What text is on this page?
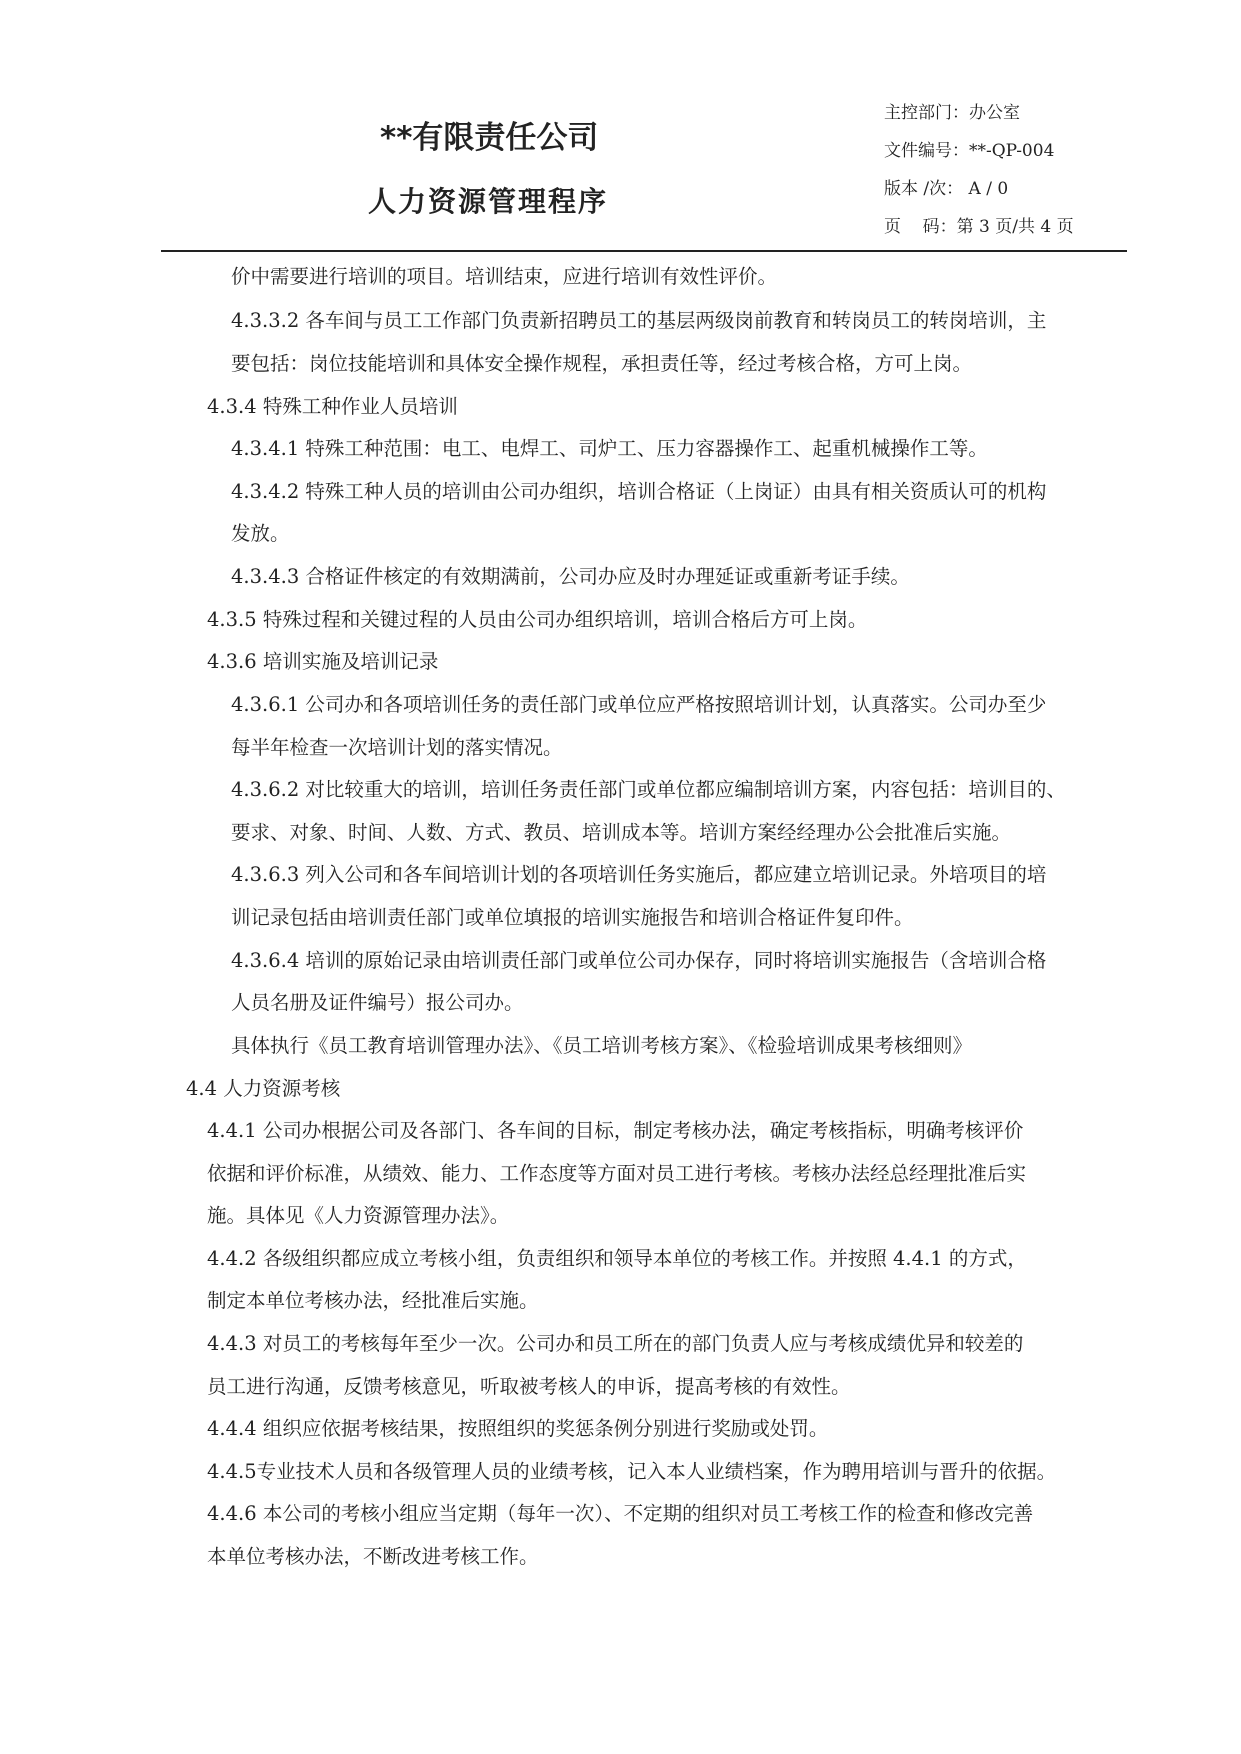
**有限责任公司
人力资源管理程序
主控部门：办公室
文件编号：**-QP-004
版本 /次： A / 0
页    码：第 3 页/共 4 页
价中需要进行培训的项目。培训结束，应进行培训有效性评价。
4.3.3.2 各车间与员工工作部门负责新招聘员工的基层两级岗前教育和转岗员工的转岗培训，主
要包括：岗位技能培训和具体安全操作规程，承担责任等，经过考核合格，方可上岗。
4.3.4 特殊工种作业人员培训
4.3.4.1 特殊工种范围：电工、电焊工、司炉工、压力容器操作工、起重机械操作工等。
4.3.4.2 特殊工种人员的培训由公司办组织，培训合格证（上岗证）由具有相关资质认可的机构
发放。
4.3.4.3 合格证件核定的有效期满前，公司办应及时办理延证或重新考证手续。
4.3.5 特殊过程和关键过程的人员由公司办组织培训，培训合格后方可上岗。
4.3.6 培训实施及培训记录
4.3.6.1 公司办和各项培训任务的责任部门或单位应严格按照培训计划，认真落实。公司办至少
每半年检查一次培训计划的落实情况。
4.3.6.2 对比较重大的培训，培训任务责任部门或单位都应编制培训方案，内容包括：培训目的、
要求、对象、时间、人数、方式、教员、培训成本等。培训方案经经理办公会批准后实施。
4.3.6.3 列入公司和各车间培训计划的各项培训任务实施后，都应建立培训记录。外培项目的培
训记录包括由培训责任部门或单位填报的培训实施报告和培训合格证件复印件。
4.3.6.4 培训的原始记录由培训责任部门或单位公司办保存，同时将培训实施报告（含培训合格
人员名册及证件编号）报公司办。
具体执行《员工教育培训管理办法》、《员工培训考核方案》、《检验培训成果考核细则》
4.4 人力资源考核
4.4.1 公司办根据公司及各部门、各车间的目标，制定考核办法，确定考核指标，明确考核评价
依据和评价标准，从绩效、能力、工作态度等方面对员工进行考核。考核办法经总经理批准后实
施。具体见《人力资源管理办法》。
4.4.2 各级组织都应成立考核小组，负责组织和领导本单位的考核工作。并按照 4.4.1 的方式，
制定本单位考核办法，经批准后实施。
4.4.3 对员工的考核每年至少一次。公司办和员工所在的部门负责人应与考核成绩优异和较差的
员工进行沟通，反馈考核意见，听取被考核人的申诉，提高考核的有效性。
4.4.4 组织应依据考核结果，按照组织的奖惩条例分别进行奖励或处罚。
4.4.5专业技术人员和各级管理人员的业绩考核，记入本人业绩档案，作为聘用培训与晋升的依据。
4.4.6 本公司的考核小组应当定期（每年一次）、不定期的组织对员工考核工作的检查和修改完善
本单位考核办法，不断改进考核工作。
